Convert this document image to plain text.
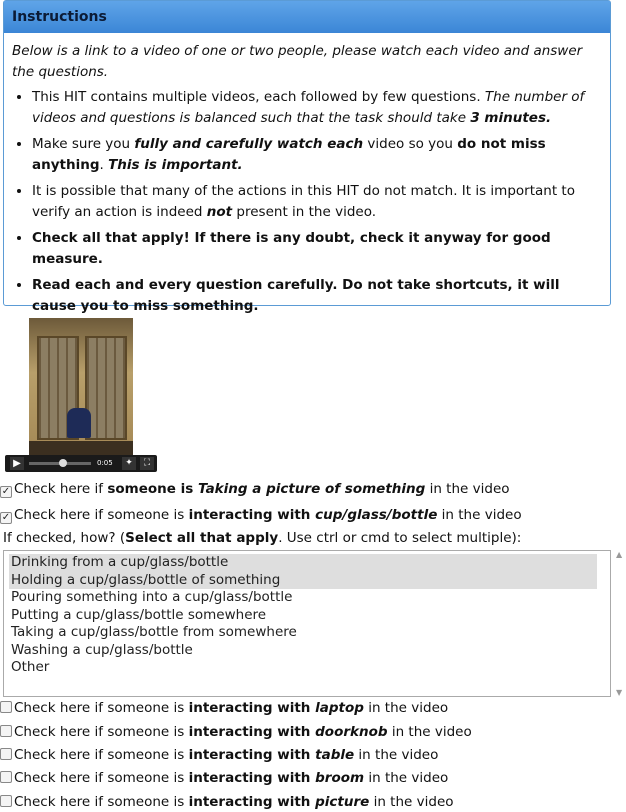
Instructions

Below is a link to a video of one or two people, please watch each video and answer the questions.

• This HIT contains multiple videos, each followed by few questions. The number of videos and questions is balanced such that the task should take 3 minutes.
• Make sure you fully and carefully watch each video so you do not miss anything. This is important.
• It is possible that many of the actions in this HIT do not match. It is important to verify an action is indeed not present in the video.
• Check all that apply! If there is any doubt, check it anyway for good measure.
• Read each and every question carefully. Do not take shortcuts, it will cause you to miss something.
▶	0:05	✦	⛶
✓ Check here if someone is Taking a picture of something in the video
✓ Check here if someone is interacting with cup/glass/bottle in the video
If checked, how? (Select all that apply. Use ctrl or cmd to select multiple):
Drinking from a cup/glass/bottle
Holding a cup/glass/bottle of something
Pouring something into a cup/glass/bottle
Putting a cup/glass/bottle somewhere
Taking a cup/glass/bottle from somewhere
Washing a cup/glass/bottle
Other
▲
▼
Check here if someone is interacting with laptop in the video
Check here if someone is interacting with doorknob in the video
Check here if someone is interacting with table in the video
Check here if someone is interacting with broom in the video
Check here if someone is interacting with picture in the video
